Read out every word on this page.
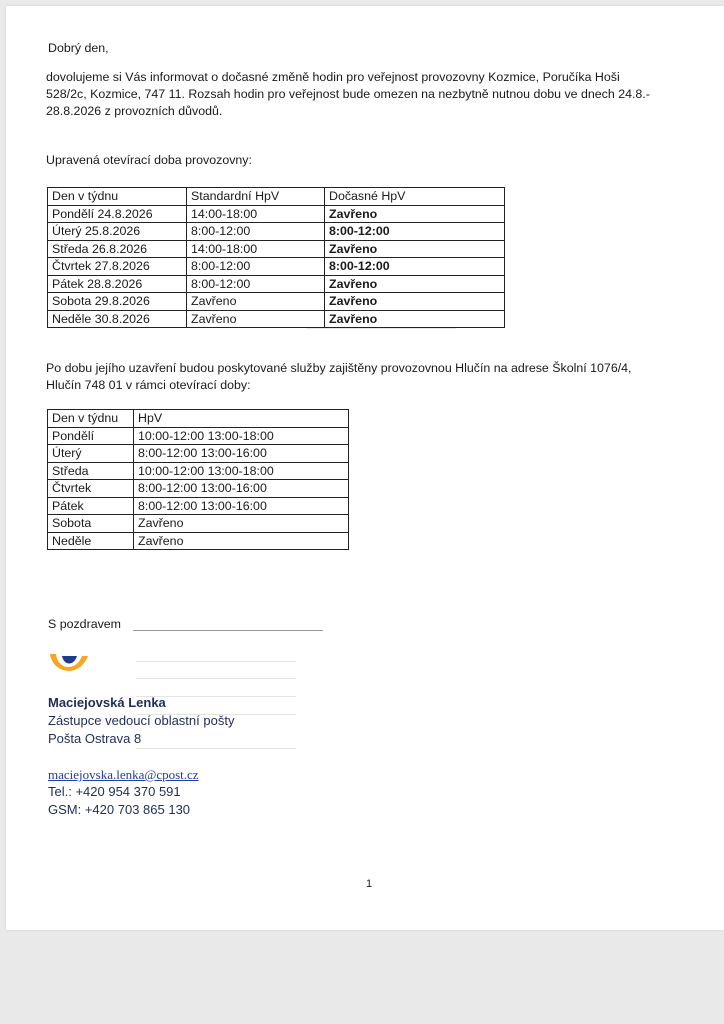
Dobrý den,
dovolujeme si Vás informovat o dočasné změně hodin pro veřejnost provozovny Kozmice, Poručíka Hoši
528/2c, Kozmice, 747 11. Rozsah hodin pro veřejnost bude omezen na nezbytně nutnou dobu ve dnech 24.8.-
28.8.2026 z provozních důvodů.
Upravená otevírací doba provozovny:
Den v týdnu	Standardní HpV	Dočasné HpV
Pondělí 24.8.2026	14:00-18:00	Zavřeno
Úterý 25.8.2026	8:00-12:00	8:00-12:00
Středa 26.8.2026	14:00-18:00	Zavřeno
Čtvrtek 27.8.2026	8:00-12:00	8:00-12:00
Pátek 28.8.2026	8:00-12:00	Zavřeno
Sobota 29.8.2026	Zavřeno	Zavřeno
Neděle 30.8.2026	Zavřeno	Zavřeno
Po dobu jejího uzavření budou poskytované služby zajištěny provozovnou Hlučín na adrese Školní 1076/4,
Hlučín 748 01 v rámci otevírací doby:
Den v týdnu	HpV
Pondělí	10:00-12:00 13:00-18:00
Úterý	8:00-12:00 13:00-16:00
Středa	10:00-12:00 13:00-18:00
Čtvrtek	8:00-12:00 13:00-16:00
Pátek	8:00-12:00 13:00-16:00
Sobota	Zavřeno
Neděle	Zavřeno
S pozdravem
Maciejovská Lenka
Zástupce vedoucí oblastní pošty
Pošta Ostrava 8
maciejovska.lenka@cpost.cz
Tel.: +420 954 370 591
GSM: +420 703 865 130
1
